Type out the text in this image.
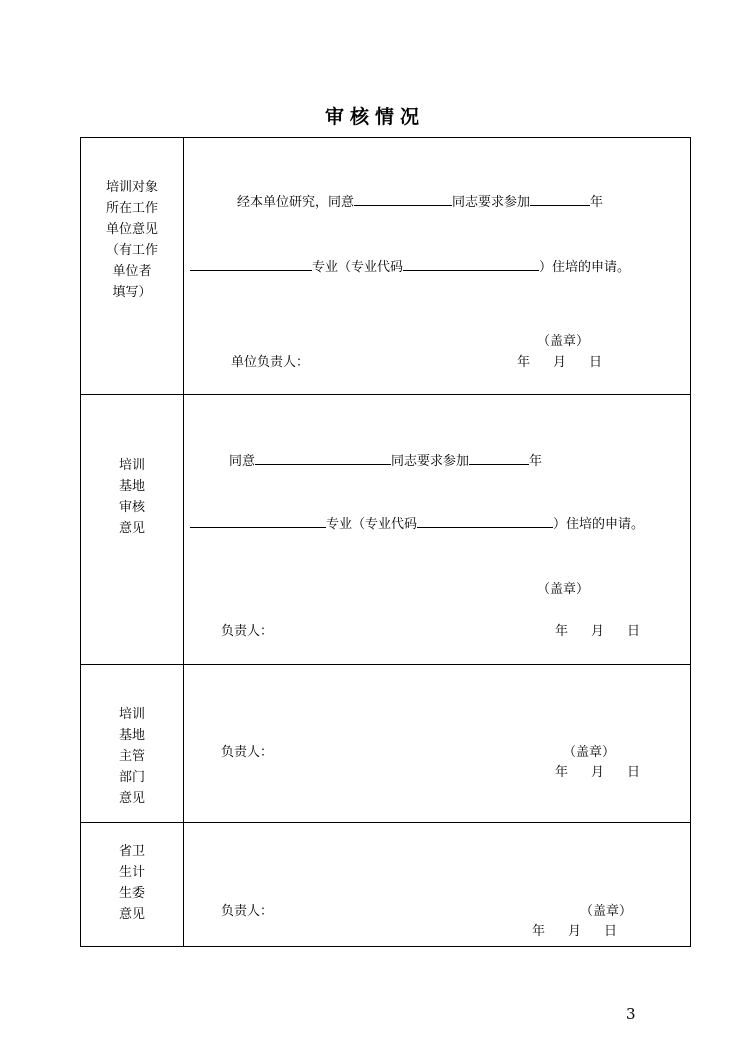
审核情况
培训对象
所在工作
单位意见
（有工作
单位者
填写）
经本单位研究，同意	同志要求参加	年
专业（专业代码	）住培的申请。
（盖章）
单位负责人：	年 月 日
培训
基地
审核
意见
同意	同志要求参加	年
专业（专业代码	）住培的申请。
（盖章）
负责人：	年 月 日
培训
基地
主管
部门
意见
负责人：	（盖章）
年 月 日
省卫
生计
生委
意见	负责人：	（盖章）
年 月 日
3
